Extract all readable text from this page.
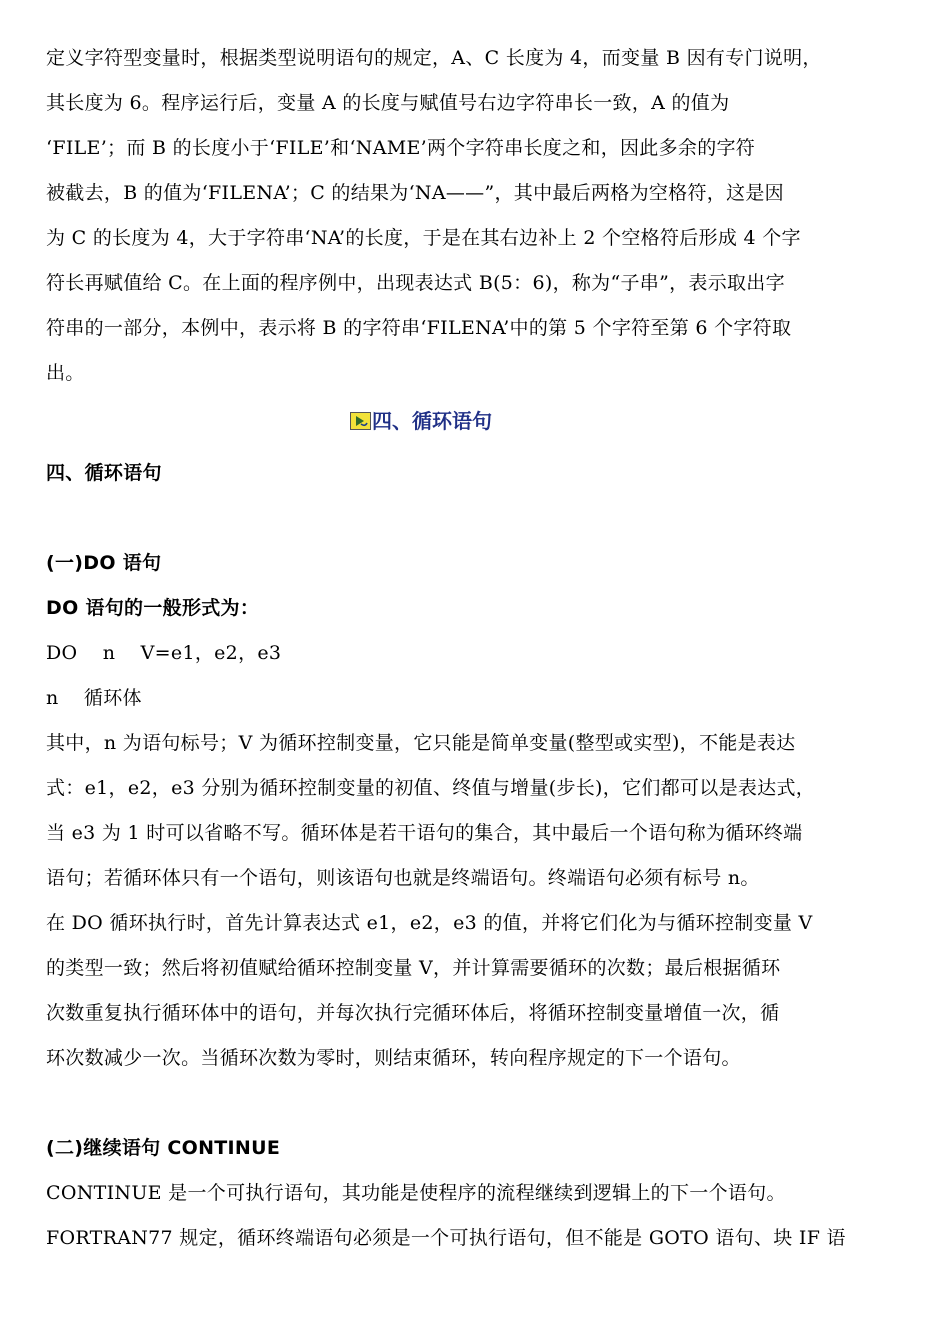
定义字符型变量时，根据类型说明语句的规定，A、C 长度为 4，而变量 B 因有专门说明，
其长度为 6。程序运行后，变量 A 的长度与赋值号右边字符串长一致，A 的值为
‘FILE’；而 B 的长度小于‘FILE’和‘NAME’两个字符串长度之和，因此多余的字符
被截去，B 的值为‘FILENA’；C 的结果为‘NA——”，其中最后两格为空格符，这是因
为 C 的长度为 4，大于字符串‘NA’的长度，于是在其右边补上 2 个空格符后形成 4 个字
符长再赋值给 C。在上面的程序例中，出现表达式 B(5：6)，称为“子串”，表示取出字
符串的一部分，本例中，表示将 B 的字符串‘FILENA’中的第 5 个字符至第 6 个字符取
出。
四、循环语句
(一)DO 语句
DO 语句的一般形式为：
DO    n    V=e1，e2，e3
n    循环体
其中，n 为语句标号；V 为循环控制变量，它只能是简单变量(整型或实型)，不能是表达
式：e1，e2，e3 分别为循环控制变量的初值、终值与增量(步长)，它们都可以是表达式，
当 e3 为 1 时可以省略不写。循环体是若干语句的集合，其中最后一个语句称为循环终端
语句；若循环体只有一个语句，则该语句也就是终端语句。终端语句必须有标号 n。
在 DO 循环执行时，首先计算表达式 e1，e2，e3 的值，并将它们化为与循环控制变量 V
的类型一致；然后将初值赋给循环控制变量 V，并计算需要循环的次数；最后根据循环
次数重复执行循环体中的语句，并每次执行完循环体后，将循环控制变量增值一次，循
环次数减少一次。当循环次数为零时，则结束循环，转向程序规定的下一个语句。
(二)继续语句 CONTINUE
CONTINUE 是一个可执行语句，其功能是使程序的流程继续到逻辑上的下一个语句。
FORTRAN77 规定，循环终端语句必须是一个可执行语句，但不能是 GOTO 语句、块 IF 语
四、循环语句
